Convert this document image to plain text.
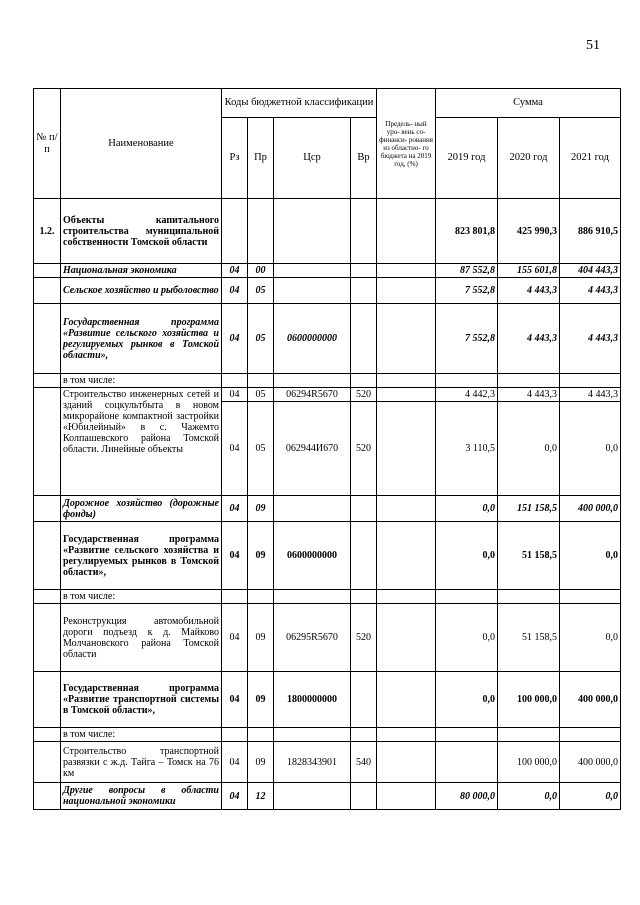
51
№ п/п	Наименование	Коды бюджетной классификации				Предель- ный уро- вень со- финанси- рования из областно- го бюджета на 2019 год, (%)	Сумма		
		Рз	Пр	Цср	Вр		2019 год	2020 год	2021 год
1.2.	Объекты капитального строительства муниципальной собственности Томской области						823 801,8	425 990,3	886 910,5
	Национальная экономика	04	00				87 552,8	155 601,8	404 443,3
	Сельское хозяйство и рыболовство	04	05				7 552,8	4 443,3	4 443,3
	Государственная программа «Развитие сельского хозяйства и регулируемых рынков в Томской области»,	04	05	0600000000			7 552,8	4 443,3	4 443,3
	в том числе:								
	Строительство инженерных сетей и зданий соцкультбыта в новом микрорайоне компактной застройки «Юбилейный» в с. Чажемто Колпашевского района Томской области. Линейные объекты	04	05	06294R5670	520		4 442,3	4 443,3	4 443,3
		04	05	062944И670	520		3 110,5	0,0	0,0
	Дорожное хозяйство (дорожные фонды)	04	09				0,0	151 158,5	400 000,0
	Государственная программа «Развитие сельского хозяйства и регулируемых рынков в Томской области»,	04	09	0600000000			0,0	51 158,5	0,0
	в том числе:								
	Реконструкция автомобильной дороги подъезд к д. Майково Молчановского района Томской области	04	09	06295R5670	520		0,0	51 158,5	0,0
	Государственная программа «Развитие транспортной системы в Томской области»,	04	09	1800000000			0,0	100 000,0	400 000,0
	в том числе:								
	Строительство транспортной развязки с ж.д. Тайга – Томск на 76 км	04	09	1828343901	540			100 000,0	400 000,0
	Другие вопросы в области национальной экономики	04	12				80 000,0	0,0	0,0
